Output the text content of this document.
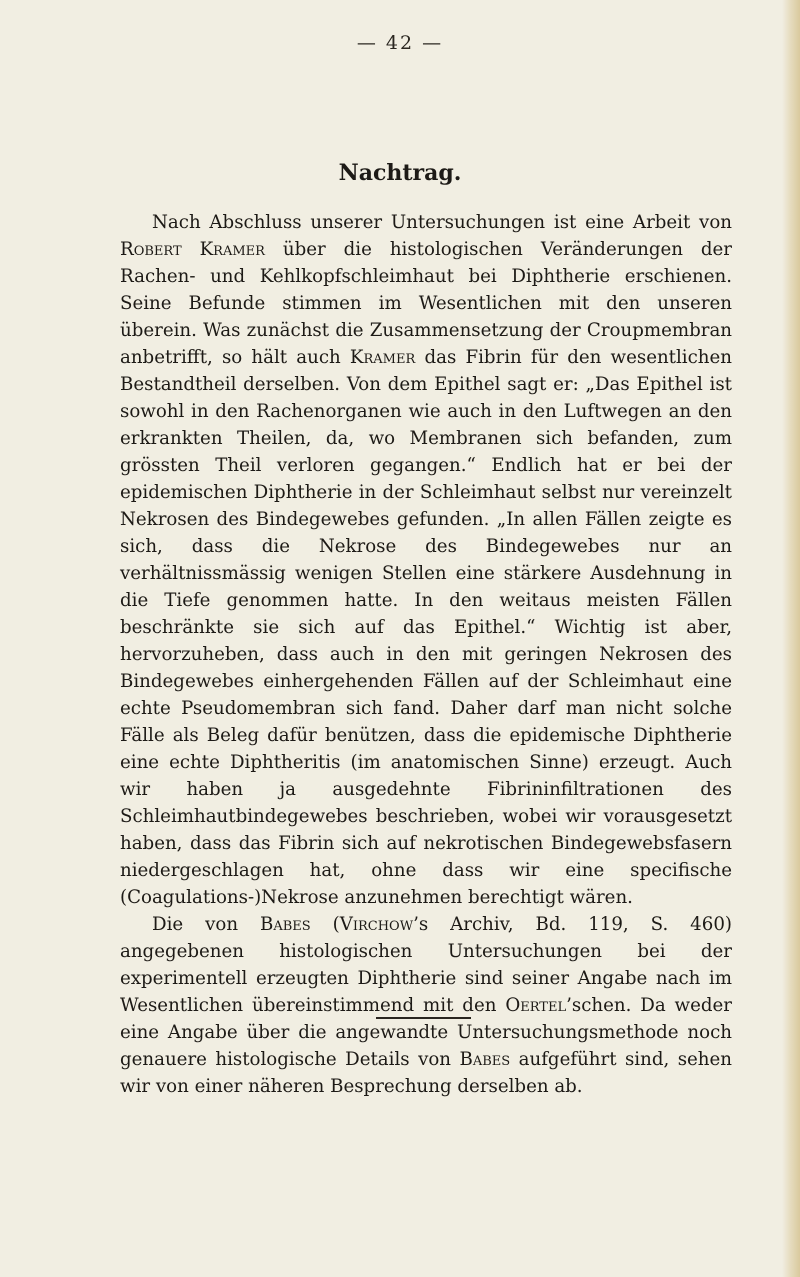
— 42 —
Nachtrag.

Nach Abschluss unserer Untersuchungen ist eine Arbeit von Robert Kramer über die histologischen Veränderungen der Rachen- und Kehlkopfschleimhaut bei Diphtherie erschienen. Seine Befunde stimmen im Wesentlichen mit den unseren überein. Was zunächst die Zusammensetzung der Croupmembran anbetrifft, so hält auch Kramer das Fibrin für den wesentlichen Bestandtheil derselben. Von dem Epithel sagt er: „Das Epithel ist sowohl in den Rachenorganen wie auch in den Luftwegen an den erkrankten Theilen, da, wo Membranen sich befanden, zum grössten Theil verloren gegangen.“ Endlich hat er bei der epidemischen Diphtherie in der Schleimhaut selbst nur vereinzelt Nekrosen des Bindegewebes gefunden. „In allen Fällen zeigte es sich, dass die Nekrose des Bindegewebes nur an verhältnissmässig wenigen Stellen eine stärkere Ausdehnung in die Tiefe genommen hatte. In den weitaus meisten Fällen beschränkte sie sich auf das Epithel.“ Wichtig ist aber, hervorzuheben, dass auch in den mit geringen Nekrosen des Bindegewebes einhergehenden Fällen auf der Schleimhaut eine echte Pseudomembran sich fand. Daher darf man nicht solche Fälle als Beleg dafür benützen, dass die epidemische Diphtherie eine echte Diphtheritis (im anatomischen Sinne) erzeugt. Auch wir haben ja ausgedehnte Fibrininfiltrationen des Schleimhautbindegewebes beschrieben, wobei wir vorausgesetzt haben, dass das Fibrin sich auf nekrotischen Bindegewebsfasern niedergeschlagen hat, ohne dass wir eine specifische (Coagulations-)Nekrose anzunehmen berechtigt wären.

Die von Babes (Virchow’s Archiv, Bd. 119, S. 460) angegebenen histologischen Untersuchungen bei der experimentell erzeugten Diphtherie sind seiner Angabe nach im Wesentlichen übereinstimmend mit den Oertel’schen. Da weder eine Angabe über die angewandte Untersuchungsmethode noch genauere histologische Details von Babes aufgeführt sind, sehen wir von einer näheren Besprechung derselben ab.
